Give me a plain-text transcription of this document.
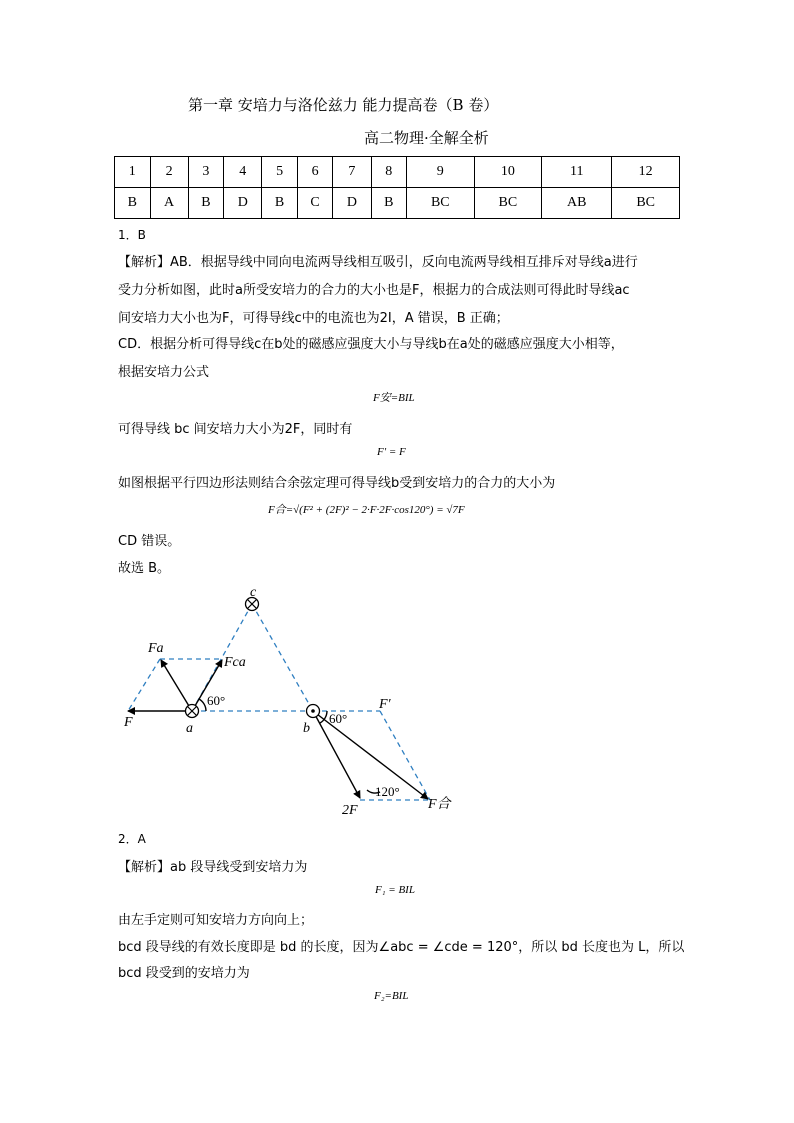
第一章 安培力与洛伦兹力 能力提高卷（B 卷）
高二物理·全解全析
1	2	3	4	5	6	7	8	9	10	11	12
B	A	B	D	B	C	D	B	BC	BC	AB	BC
1．B
【解析】AB．根据导线中同向电流两导线相互吸引，反向电流两导线相互排斥对导线a进行
受力分析如图，此时a所受安培力的合力的大小也是F，根据力的合成法则可得此时导线ac
间安培力大小也为F，可得导线c中的电流也为2I，A 错误，B 正确；
CD．根据分析可得导线c在b处的磁感应强度大小与导线b在a处的磁感应强度大小相等，
根据安培力公式
F安=BIL
可得导线 bc 间安培力大小为2F，同时有
F′ = F
如图根据平行四边形法则结合余弦定理可得导线b受到安培力的合力的大小为
F合=√(F² + (2F)² − 2·F·2F·cos120°) = √7F
CD 错误。
故选 B。
c
a	b
F
Fa
Fca
F′
2F	F合
60°
60°
120°
2．A
【解析】ab 段导线受到安培力为
F₁ = BIL
由左手定则可知安培力方向向上；
bcd 段导线的有效长度即是 bd 的长度，因为∠abc = ∠cde = 120°，所以 bd 长度也为 L，所以
bcd 段受到的安培力为
F₂=BIL
